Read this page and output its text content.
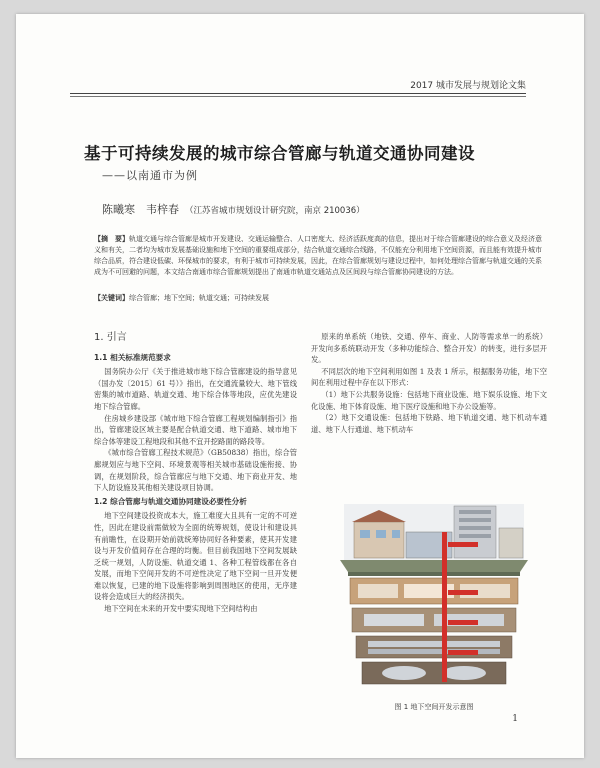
2017 城市发展与规划论文集
基于可持续发展的城市综合管廊与轨道交通协同建设
——以南通市为例
陈曦寒　韦梓春 （江苏省城市规划设计研究院，南京 210036）
【摘　要】轨道交通与综合管廊是城市开发建设、交通运输整合、人口密度大、经济活跃度高的信息，提出对于综合管廊建设的综合意义及经济意义和有关，二者均为城市发展基础设施和地下空间的重要组成部分，结合轨道交通综合线路，不仅能充分利用地下空间资源，而且能有效提升城市综合品质，符合建设低碳、环保城市的要求，有利于城市可持续发展，因此，在综合管廊规划与建设过程中，如何处理综合管廊与轨道交通的关系成为不可回避的问题，本文结合南通市综合管廊规划提出了南通市轨道交通站点及区间段与综合管廊协同建设的方法。
【关键词】综合管廊；地下空间；轨道交通；可持续发展
1. 引言
1.1 相关标准规范要求

国务院办公厅《关于推进城市地下综合管廊建设的指导意见（国办发〔2015〕61 号）》指出，在交通流量较大、地下管线密集的城市道路、轨道交通、地下综合体等地段，应优先建设地下综合管廊。

住房城乡建设部《城市地下综合管廊工程规划编制指引》指出，管廊建设区域主要是配合轨道交通、地下道路、城市地下综合体等建设工程地段和其他不宜开挖路面的路段等。

《城市综合管廊工程技术规范》（GB50838）指出，综合管廊规划应与地下空间、环境景观等相关城市基础设施衔接、协调，在规划阶段，综合管廊应与地下交通、地下商业开发、地下人防设施及其他相关建设项目协调。

1.2 综合管廊与轨道交通协同建设必要性分析

地下空间建设投资成本大，施工难度大且具有一定的不可逆性，因此在建设前需做较为全面的统筹规划，使设计和建设具有前瞻性，在设期开始前就统筹协同好各种要素，使其开发建设与开发价值间存在合理的均衡。但目前我国地下空间发展缺乏统一规划，人防设施、轨道交通 1、各种工程管线都在各自发展，而地下空间开发的不可逆性决定了地下空间一旦开发便难以恢复，已建的地下设施将影响到周围地区的使用，无序建设将会造成巨大的经济损失。

地下空间在未来的开发中要实现地下空间结构由

原来的单系统（地铁、交通、停车、商业、人防等需求单一的系统）开发向多系统联动开发（多种功能综合、整合开发）的转变，进行多层开发。

不同层次的地下空间利用如图 1 及表 1 所示，根据服务功能，地下空间在利用过程中存在以下形式：

（1）地下公共服务设施：包括地下商业设施、地下娱乐设施、地下文化设施、地下体育设施、地下医疗设施和地下办公设施等。

（2）地下交通设施：包括地下铁路、地下轨道交通、地下机动车通道、地下人行通道、地下机动车

图 1 地下空间开发示意图
1
